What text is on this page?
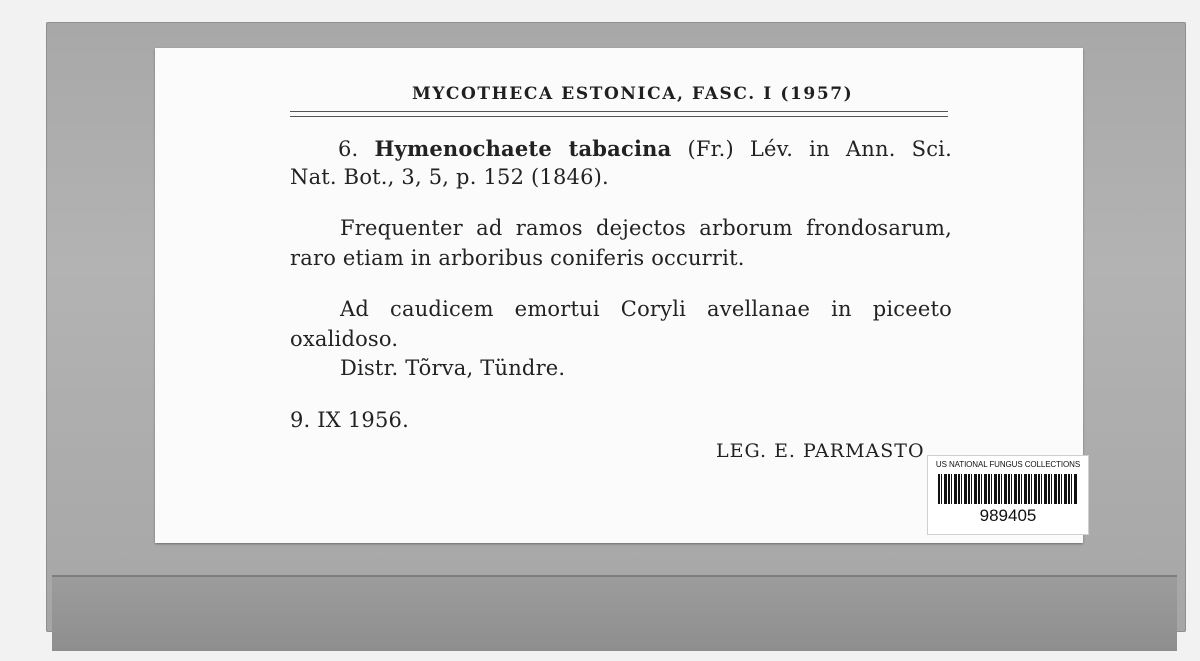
MYCOTHECA ESTONICA, FASC. I (1957)
6. Hymenochaete tabacina (Fr.) Lév. in Ann. Sci.
Nat. Bot., 3, 5, p. 152 (1846).
Frequenter ad ramos dejectos arborum frondosarum,
raro etiam in arboribus coniferis occurrit.
Ad caudicem emortui Coryli avellanae in piceeto
oxalidoso.
Distr. Tõrva, Tündre.
9. IX 1956.
LEG. E. PARMASTO
US NATIONAL FUNGUS COLLECTIONS
989405
